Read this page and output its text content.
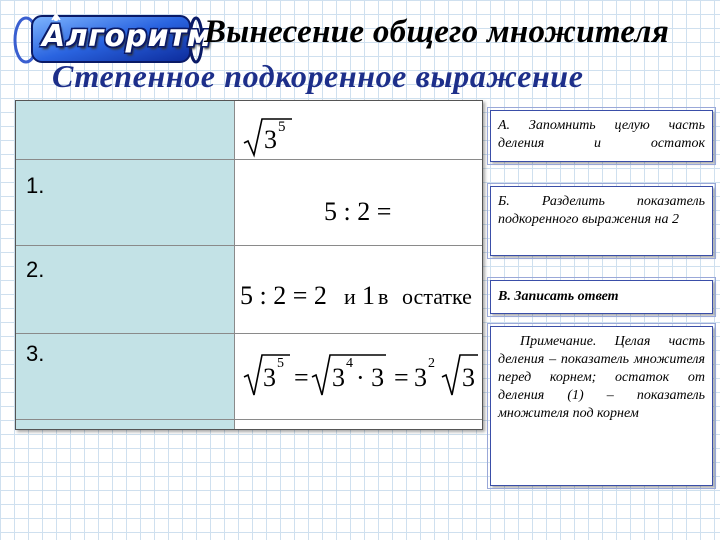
Алгоритм
Вынесение общего множителя
Степенное подкоренное выражение
1.
2.
3.
3 5
5 : 2 =
5 : 2 = 2 и 1 в остатке
3 5 = 3 4 · 3 = 3 2 3
А. Запомнить целую часть деления и остаток
Б. Разделить показатель подкоренного выражения на 2
В. Записать ответ
Примечание. Целая часть деления – показатель множителя перед корнем; остаток от деления (1) – показатель множителя под корнем
